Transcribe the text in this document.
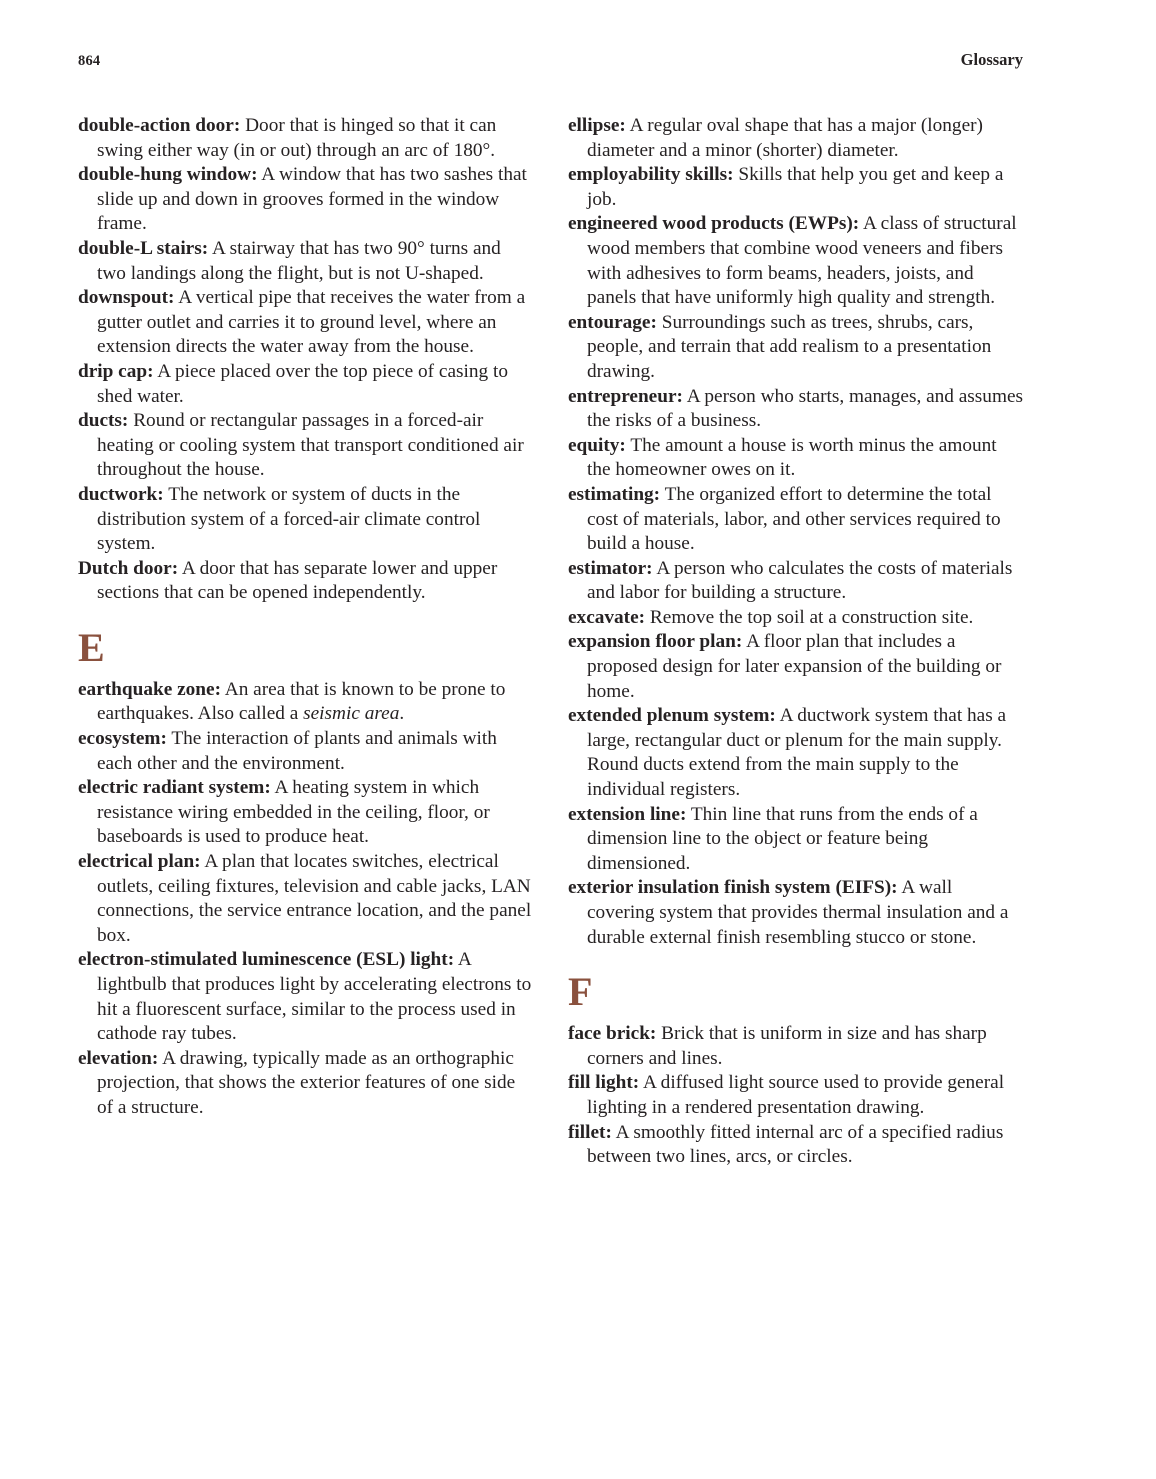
864	Glossary

double-action door: Door that is hinged so that it can swing either way (in or out) through an arc of 180°.

double-hung window: A window that has two sashes that slide up and down in grooves formed in the window frame.

double-L stairs: A stairway that has two 90° turns and two landings along the flight, but is not U-shaped.

downspout: A vertical pipe that receives the water from a gutter outlet and carries it to ground level, where an extension directs the water away from the house.

drip cap: A piece placed over the top piece of casing to shed water.

ducts: Round or rectangular passages in a forced-air heating or cooling system that transport conditioned air throughout the house.

ductwork: The network or system of ducts in the distribution system of a forced-air climate control system.

Dutch door: A door that has separate lower and upper sections that can be opened independently.

E

earthquake zone: An area that is known to be prone to earthquakes. Also called a seismic area.

ecosystem: The interaction of plants and animals with each other and the environment.

electric radiant system: A heating system in which resistance wiring embedded in the ceiling, floor, or baseboards is used to produce heat.

electrical plan: A plan that locates switches, electrical outlets, ceiling fixtures, television and cable jacks, LAN connections, the service entrance location, and the panel box.

electron-stimulated luminescence (ESL) light: A lightbulb that produces light by accelerating electrons to hit a fluorescent surface, similar to the process used in cathode ray tubes.

elevation: A drawing, typically made as an orthographic projection, that shows the exterior features of one side of a structure.

ellipse: A regular oval shape that has a major (longer) diameter and a minor (shorter) diameter.

employability skills: Skills that help you get and keep a job.

engineered wood products (EWPs): A class of structural wood members that combine wood veneers and fibers with adhesives to form beams, headers, joists, and panels that have uniformly high quality and strength.

entourage: Surroundings such as trees, shrubs, cars, people, and terrain that add realism to a presentation drawing.

entrepreneur: A person who starts, manages, and assumes the risks of a business.

equity: The amount a house is worth minus the amount the homeowner owes on it.

estimating: The organized effort to determine the total cost of materials, labor, and other services required to build a house.

estimator: A person who calculates the costs of materials and labor for building a structure.

excavate: Remove the top soil at a construction site.

expansion floor plan: A floor plan that includes a proposed design for later expansion of the building or home.

extended plenum system: A ductwork system that has a large, rectangular duct or plenum for the main supply. Round ducts extend from the main supply to the individual registers.

extension line: Thin line that runs from the ends of a dimension line to the object or feature being dimensioned.

exterior insulation finish system (EIFS): A wall covering system that provides thermal insulation and a durable external finish resembling stucco or stone.

F

face brick: Brick that is uniform in size and has sharp corners and lines.

fill light: A diffused light source used to provide general lighting in a rendered presentation drawing.

fillet: A smoothly fitted internal arc of a specified radius between two lines, arcs, or circles.
